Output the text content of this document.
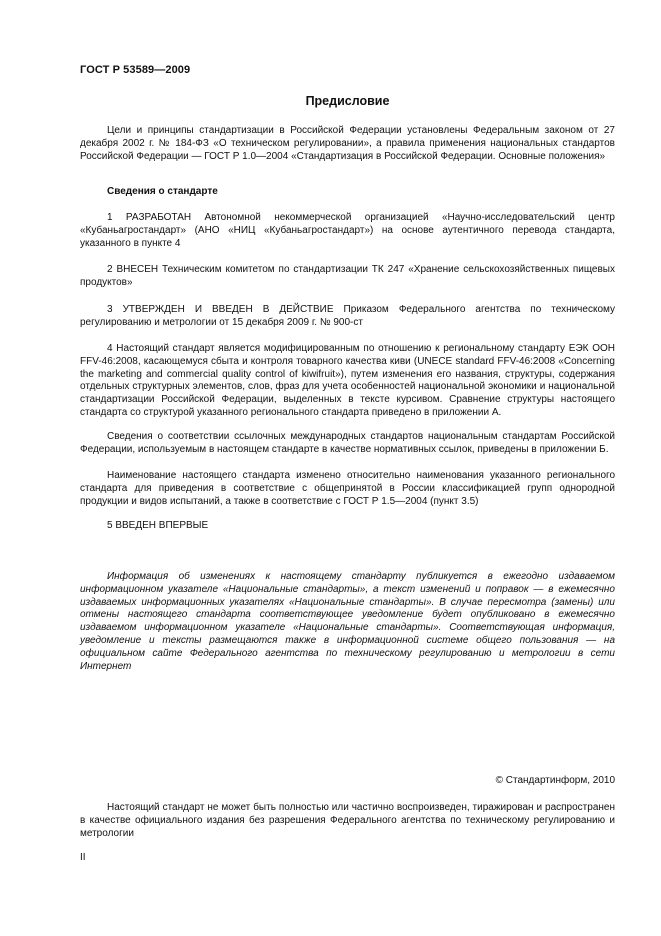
ГОСТ Р 53589—2009
Предисловие

Цели и принципы стандартизации в Российской Федерации установлены Федеральным законом от 27 декабря 2002 г. № 184-ФЗ «О техническом регулировании», а правила применения национальных стандартов Российской Федерации — ГОСТ Р 1.0—2004 «Стандартизация в Российской Федерации. Основные положения»

Сведения о стандарте

1 РАЗРАБОТАН Автономной некоммерческой организацией «Научно-исследовательский центр «Кубаньагростандарт» (АНО «НИЦ «Кубаньагростандарт») на основе аутентичного перевода стандарта, указанного в пункте 4

2 ВНЕСЕН Техническим комитетом по стандартизации ТК 247 «Хранение сельскохозяйственных пищевых продуктов»

3 УТВЕРЖДЕН И ВВЕДЕН В ДЕЙСТВИЕ Приказом Федерального агентства по техническому регулированию и метрологии от 15 декабря 2009 г. № 900-ст

4 Настоящий стандарт является модифицированным по отношению к региональному стандарту ЕЭК ООН FFV-46:2008, касающемуся сбыта и контроля товарного качества киви (UNECE standard FFV-46:2008 «Concerning the marketing and commercial quality control of kiwifruit»), путем изменения его названия, структуры, содержания отдельных структурных элементов, слов, фраз для учета особенностей национальной экономики и национальной стандартизации Российской Федерации, выделенных в тексте курсивом. Сравнение структуры настоящего стандарта со структурой указанного регионального стандарта приведено в приложении А.

Сведения о соответствии ссылочных международных стандартов национальным стандартам Российской Федерации, используемым в настоящем стандарте в качестве нормативных ссылок, приведены в приложении Б.

Наименование настоящего стандарта изменено относительно наименования указанного регионального стандарта для приведения в соответствие с общепринятой в России классификацией групп однородной продукции и видов испытаний, а также в соответствие с ГОСТ Р 1.5—2004 (пункт 3.5)

5 ВВЕДЕН ВПЕРВЫЕ

Информация об изменениях к настоящему стандарту публикуется в ежегодно издаваемом информационном указателе «Национальные стандарты», а текст изменений и поправок — в ежемесячно издаваемых информационных указателях «Национальные стандарты». В случае пересмотра (замены) или отмены настоящего стандарта соответствующее уведомление будет опубликовано в ежемесячно издаваемом информационном указателе «Национальные стандарты». Соответствующая информация, уведомление и тексты размещаются также в информационной системе общего пользования — на официальном сайте Федерального агентства по техническому регулированию и метрологии в сети Интернет

© Стандартинформ, 2010

Настоящий стандарт не может быть полностью или частично воспроизведен, тиражирован и распространен в качестве официального издания без разрешения Федерального агентства по техническому регулированию и метрологии

II
